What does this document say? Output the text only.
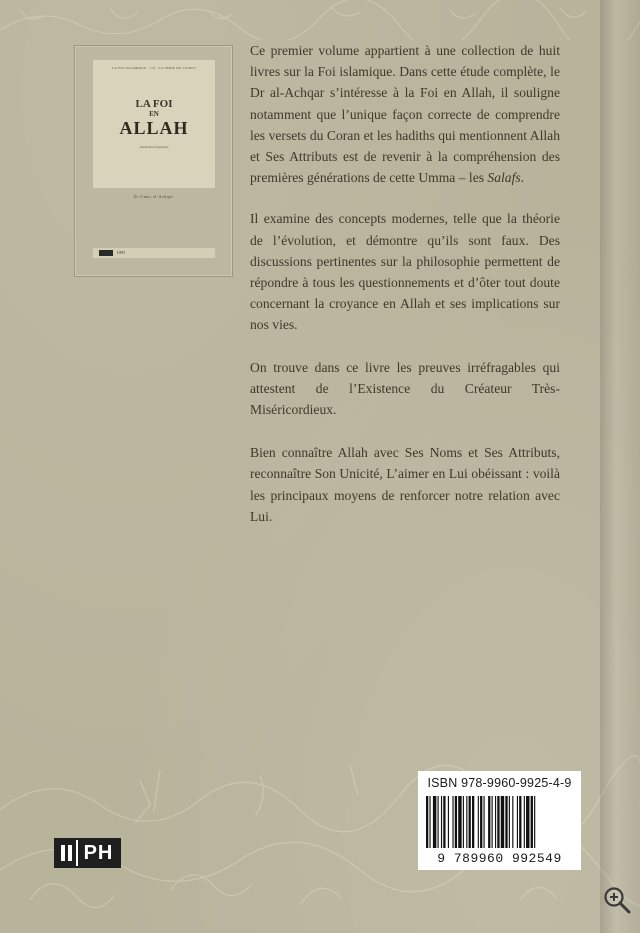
LA FOI ISLAMIQUE · 1/8 · LA SERIE DE LIVRES
LA FOI
EN
ALLAH
Traduction française
Dr Umar al-Achqar
IIPH

Ce premier volume appartient à une collection de huit livres sur la Foi islamique. Dans cette étude complète, le Dr al-Achqar s’intéresse à la Foi en Allah, il souligne notamment que l’unique façon correcte de comprendre les versets du Coran et les hadiths qui mentionnent Allah et Ses Attributs est de revenir à la compréhension des premières générations de cette Umma – les Salafs.

Il examine des concepts modernes, telle que la théorie de l’évolution, et démontre qu’ils sont faux. Des discussions pertinentes sur la philosophie permettent de répondre à tous les questionnements et d’ôter tout doute concernant la croyance en Allah et ses implications sur nos vies.

On trouve dans ce livre les preuves irréfragables qui attestent de l’Existence du Créateur Très-Miséricordieux.

Bien connaître Allah avec Ses Noms et Ses Attributs, reconnaître Son Unicité, L’aimer en Lui obéissant : voilà les principaux moyens de renforcer notre relation avec Lui.

PH
ISBN 978-9960-9925-4-9
9 789960 992549
